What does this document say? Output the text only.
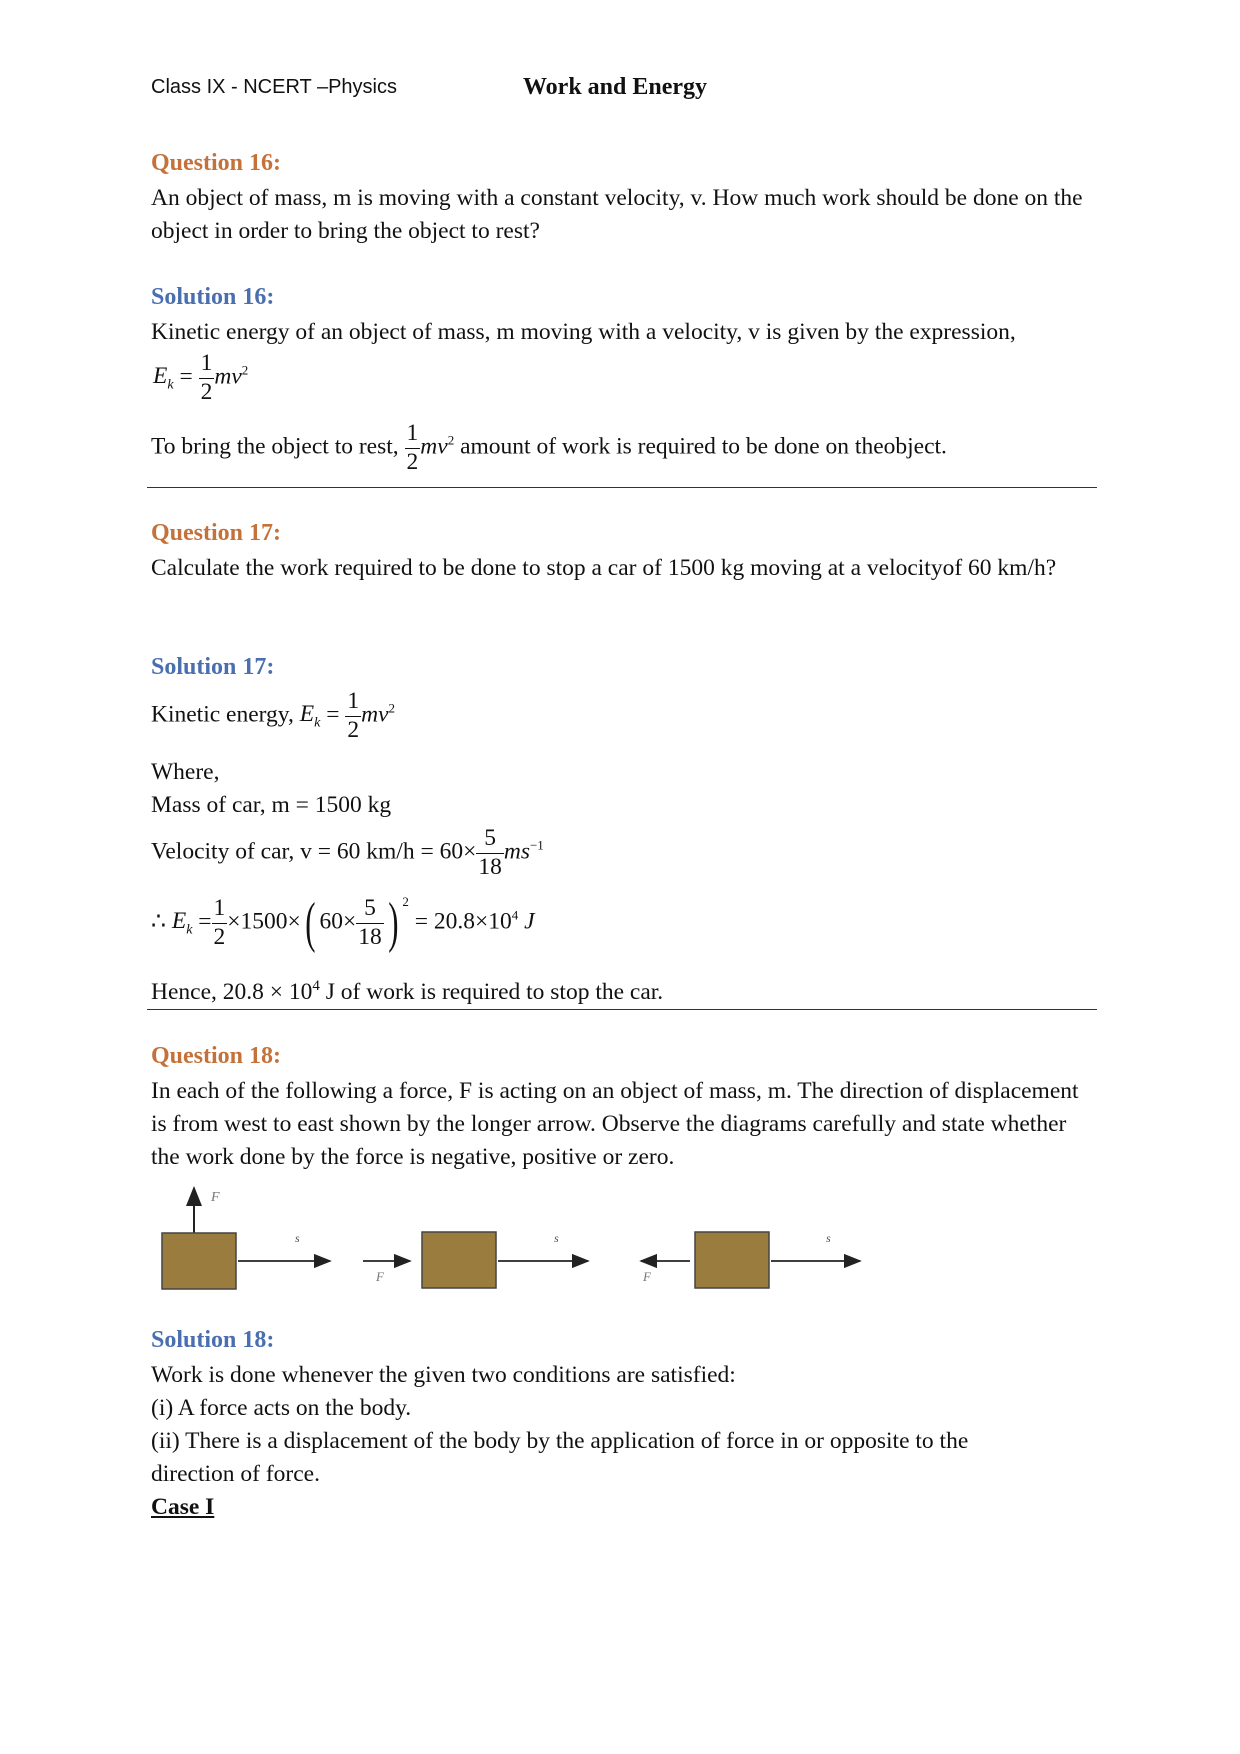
Class IX - NCERT –Physics	Work and Energy
Question 16:
An object of mass, m is moving with a constant velocity, v. How much work should be done on the object in order to bring the object to rest?
Solution 16:
Kinetic energy of an object of mass, m moving with a velocity, v is given by the expression,
$E_k = \frac{1}{2} mv^2$
To bring the object to rest, $\frac{1}{2} mv^2$ amount of work is required to be done on theobject.
Question 17:
Calculate the work required to be done to stop a car of 1500 kg moving at a velocityof 60 km/h?
Solution 17:
Kinetic energy, $E_k = \frac{1}{2} mv^2$
Where,
Mass of car, m = 1500 kg
Velocity of car, v = 60 $km/h = 60\times \frac{5}{18} ms^{-1}$
∴ $E_k = \frac{1}{2} \times 1500\times$( $60\times \frac{5}{18}$ ) $^2 = 20.8\times 10^4$ J
Hence, $20.8 \times 10^4$ J of work is required to stop the car.
Question 18:
In each of the following a force, F is acting on an object of mass, m. The direction of displacement is from west to east shown by the longer arrow. Observe the diagrams carefully and state whether the work done by the force is negative, positive or zero.
F
s
F
s
F
s
Solution 18:
Work is done whenever the given two conditions are satisfied:
(i) A force acts on the body.
(ii) There is a displacement of the body by the application of force in or opposite to the direction of force.
Case I
